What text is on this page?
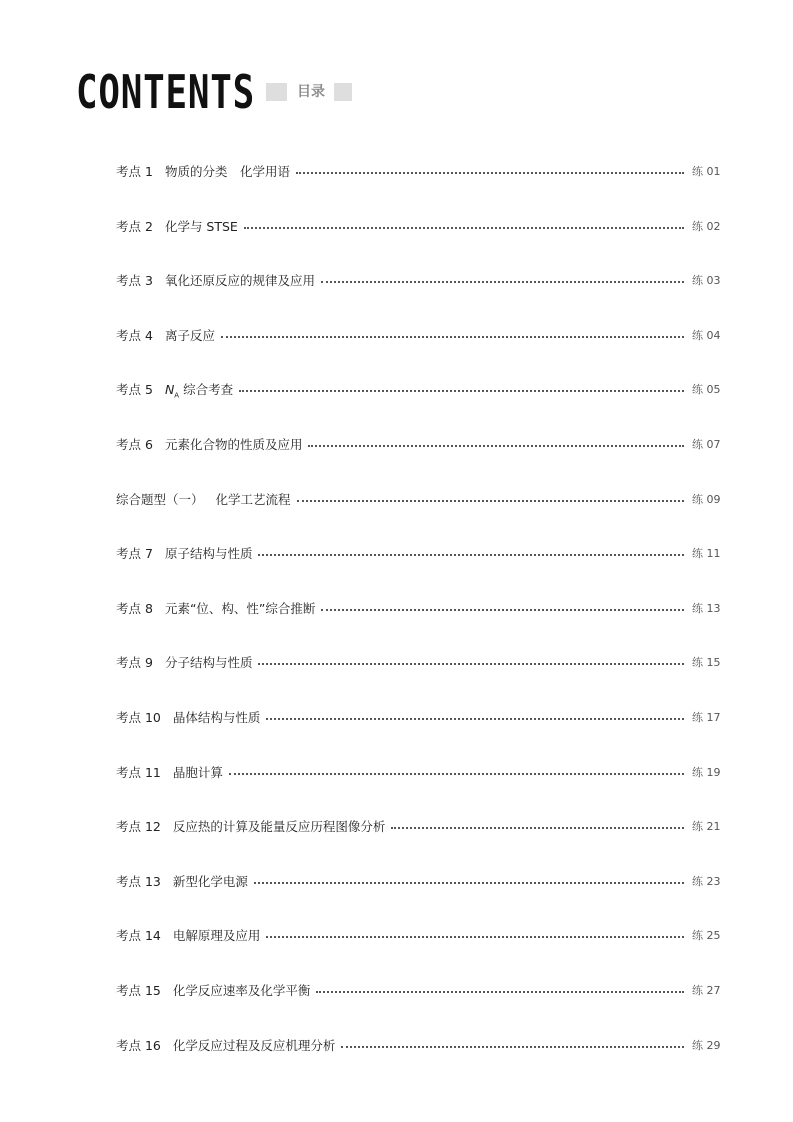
CONTENTS	目录
考点 1 物质的分类　化学用语	练 01
考点 2 化学与 STSE	练 02
考点 3 氧化还原反应的规律及应用	练 03
考点 4 离子反应	练 04
考点 5 $N_A$ 综合考查	练 05
考点 6 元素化合物的性质及应用	练 07
综合题型（一） 化学工艺流程	练 09
考点 7 原子结构与性质	练 11
考点 8 元素“位、构、性”综合推断	练 13
考点 9 分子结构与性质	练 15
考点 10 晶体结构与性质	练 17
考点 11 晶胞计算	练 19
考点 12 反应热的计算及能量反应历程图像分析	练 21
考点 13 新型化学电源	练 23
考点 14 电解原理及应用	练 25
考点 15 化学反应速率及化学平衡	练 27
考点 16 化学反应过程及反应机理分析	练 29
